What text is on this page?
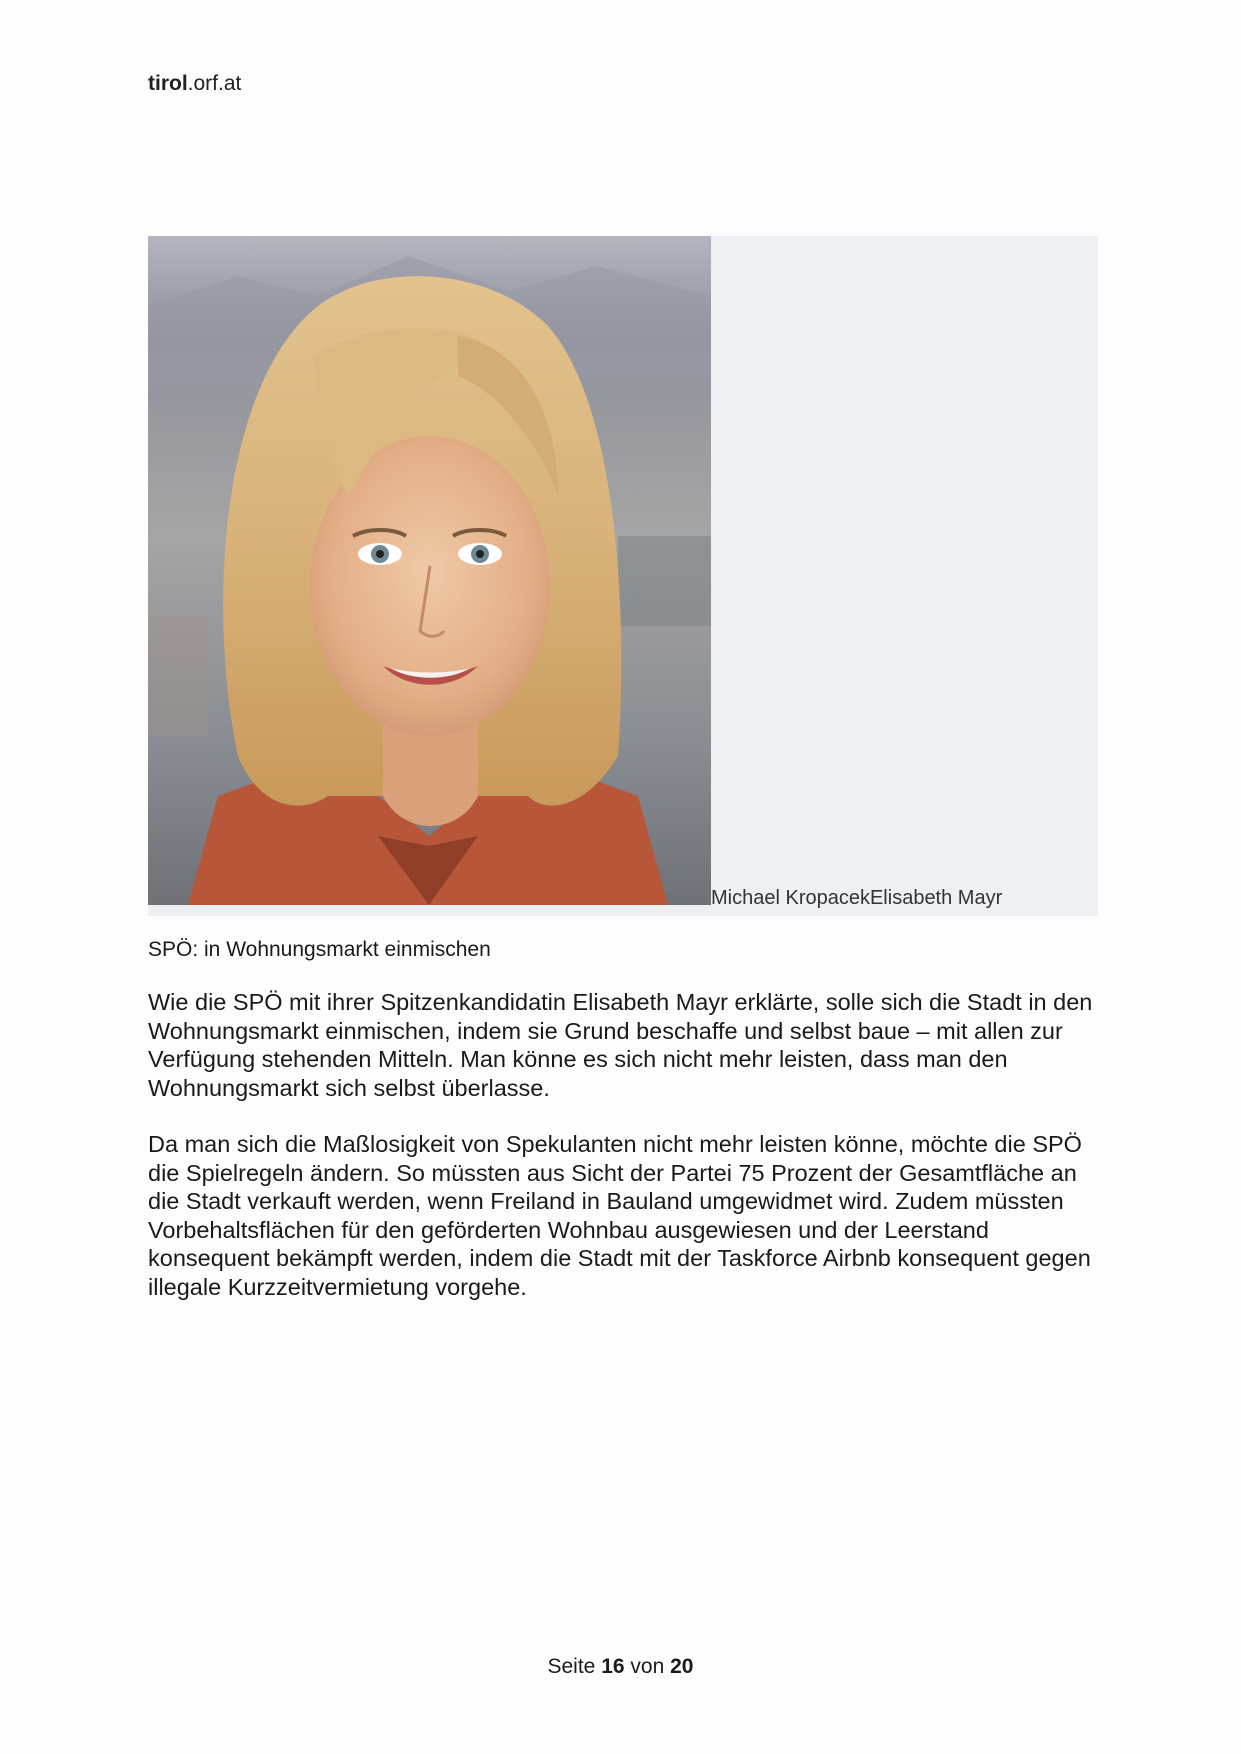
tirol.orf.at
Michael KropacekElisabeth Mayr
SPÖ: in Wohnungsmarkt einmischen

Wie die SPÖ mit ihrer Spitzenkandidatin Elisabeth Mayr erklärte, solle sich die Stadt in den Wohnungsmarkt einmischen, indem sie Grund beschaffe und selbst baue – mit allen zur Verfügung stehenden Mitteln. Man könne es sich nicht mehr leisten, dass man den Wohnungsmarkt sich selbst überlasse.

Da man sich die Maßlosigkeit von Spekulanten nicht mehr leisten könne, möchte die SPÖ die Spielregeln ändern. So müssten aus Sicht der Partei 75 Prozent der Gesamtfläche an die Stadt verkauft werden, wenn Freiland in Bauland umgewidmet wird. Zudem müssten Vorbehaltsflächen für den geförderten Wohnbau ausgewiesen und der Leerstand konsequent bekämpft werden, indem die Stadt mit der Taskforce Airbnb konsequent gegen illegale Kurzzeitvermietung vorgehe.

Seite 16 von 20
